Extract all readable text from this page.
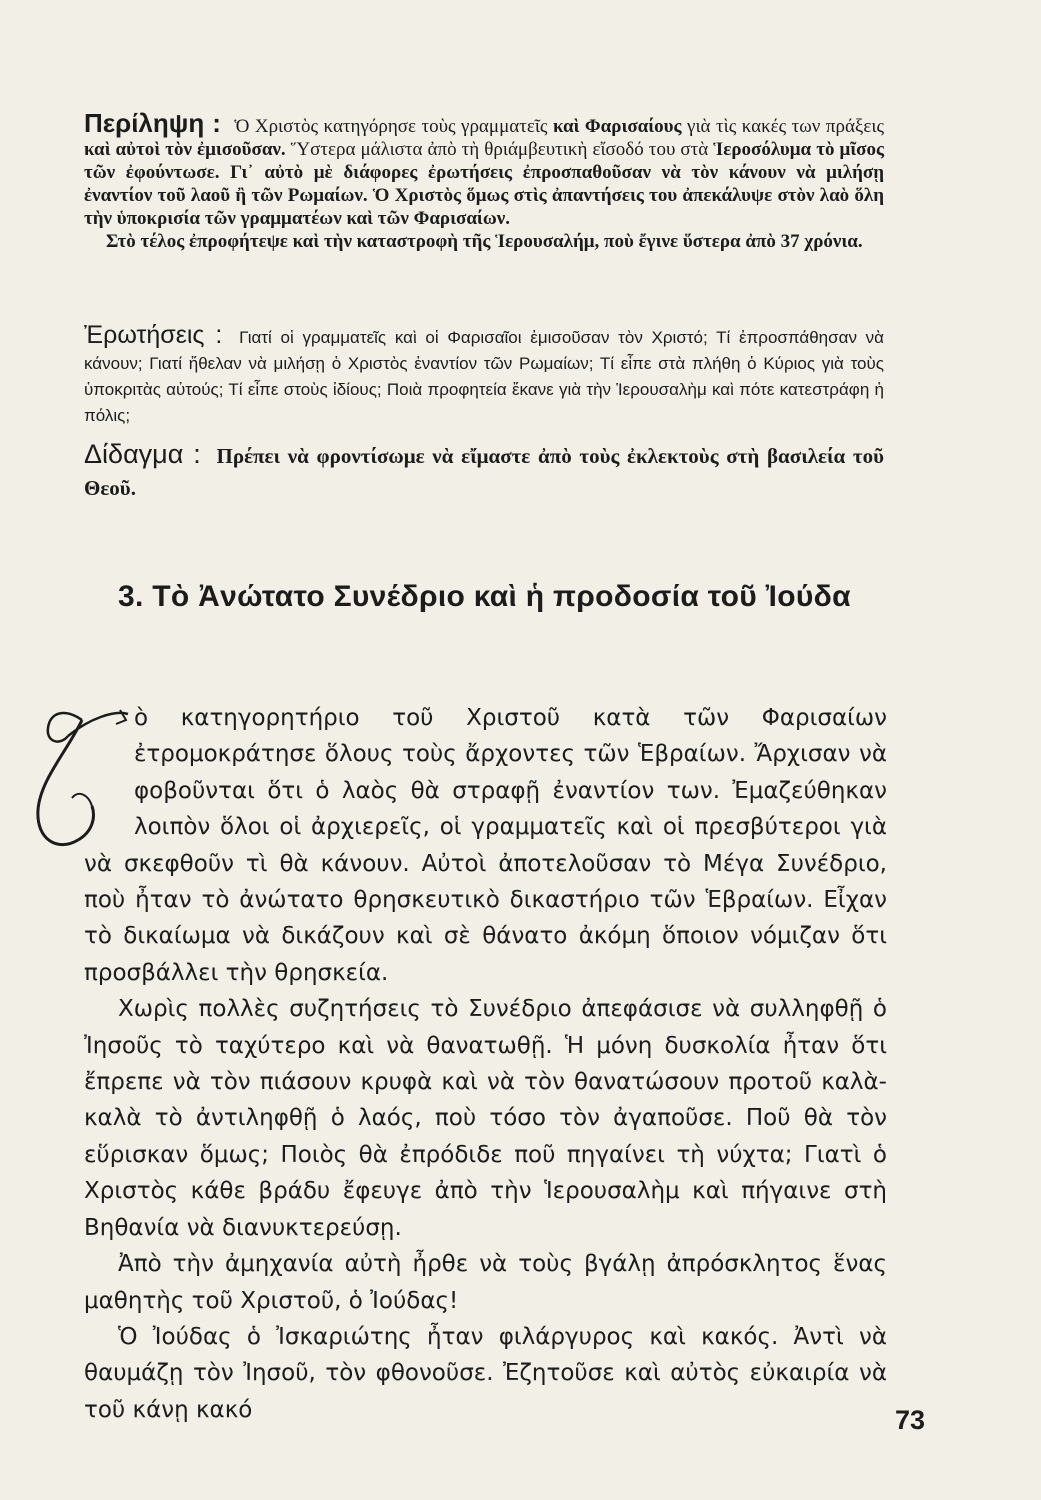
Περίληψη : Ὁ Χριστὸς κατηγόρησε τοὺς γραμματεῖς καὶ Φαρισαίους γιὰ τὶς κακές των πράξεις καὶ αὐτοὶ τὸν ἐμισοῦσαν. Ὕστερα μάλιστα ἀπὸ τὴ θριάμβευτικὴ εἴσοδό του στὰ Ἱεροσόλυμα τὸ μῖσος τῶν ἐφούντωσε. Γι᾽ αὐτὸ μὲ διάφορες ἐρωτήσεις ἐπροσπαθοῦσαν νὰ τὸν κάνουν νὰ μιλήσῃ ἐναντίον τοῦ λαοῦ ἢ τῶν Ρωμαίων. Ὁ Χριστὸς ὅμως στὶς ἀπαντήσεις του ἀπεκάλυψε στὸν λαὸ ὅλη τὴν ὑποκρισία τῶν γραμματέων καὶ τῶν Φαρισαίων.

Στὸ τέλος ἐπροφήτεψε καὶ τὴν καταστροφὴ τῆς Ἱερουσαλήμ, ποὺ ἔγινε ὕστερα ἀπὸ 37 χρόνια.

Ἐρωτήσεις : Γιατί οἱ γραμματεῖς καὶ οἱ Φαρισαῖοι ἐμισοῦσαν τὸν Χριστό; Τί ἐπροσπάθησαν νὰ κάνουν; Γιατί ἤθελαν νὰ μιλήσῃ ὁ Χριστὸς ἐναντίον τῶν Ρωμαίων; Τί εἶπε στὰ πλήθη ὁ Κύριος γιὰ τοὺς ὑποκριτὰς αὐτούς; Τί εἶπε στοὺς ἰδίους; Ποιὰ προφητεία ἔκανε γιὰ τὴν Ἱερουσαλὴμ καὶ πότε κατεστράφη ἡ πόλις;
Δίδαγμα : Πρέπει νὰ φροντίσωμε νὰ εἴμαστε ἀπὸ τοὺς ἐκλεκτοὺς στὴ βασιλεία τοῦ Θεοῦ.
3. Τὸ Ἀνώτατο Συνέδριο καὶ ἡ προδοσία τοῦ Ἰούδα

ὸ κατηγορητήριο τοῦ Χριστοῦ κατὰ τῶν Φαρισαίων ἐτρομοκράτησε ὅλους τοὺς ἄρχοντες τῶν Ἑβραίων. Ἄρχισαν νὰ φοβοῦνται ὅτι ὁ λαὸς θὰ στραφῇ ἐναντίον των. Ἐμαζεύθηκαν λοιπὸν ὅλοι οἱ ἀρχιερεῖς, οἱ γραμματεῖς καὶ οἱ πρεσβύτεροι γιὰ νὰ σκεφθοῦν τὶ θὰ κάνουν. Αὐτοὶ ἀποτελοῦσαν τὸ Μέγα Συνέδριο, ποὺ ἦταν τὸ ἀνώτατο θρησκευτικὸ δικαστήριο τῶν Ἑβραίων. Εἶχαν τὸ δικαίωμα νὰ δικάζουν καὶ σὲ θάνατο ἀκόμη ὅποιον νόμιζαν ὅτι προσβάλλει τὴν θρησκεία.

Χωρὶς πολλὲς συζητήσεις τὸ Συνέδριο ἀπεφάσισε νὰ συλληφθῇ ὁ Ἰησοῦς τὸ ταχύτερο καὶ νὰ θανατωθῇ. Ἡ μόνη δυσκολία ἦταν ὅτι ἔπρεπε νὰ τὸν πιάσουν κρυφὰ καὶ νὰ τὸν θανατώσουν προτοῦ καλὰ-καλὰ τὸ ἀντιληφθῇ ὁ λαός, ποὺ τόσο τὸν ἀγαποῦσε. Ποῦ θὰ τὸν εὕρισκαν ὅμως; Ποιὸς θὰ ἐπρόδιδε ποῦ πηγαίνει τὴ νύχτα; Γιατὶ ὁ Χριστὸς κάθε βράδυ ἔφευγε ἀπὸ τὴν Ἱερουσαλὴμ καὶ πήγαινε στὴ Βηθανία νὰ διανυκτερεύσῃ.

Ἀπὸ τὴν ἀμηχανία αὐτὴ ἦρθε νὰ τοὺς βγάλῃ ἀπρόσκλητος ἕνας μαθητὴς τοῦ Χριστοῦ, ὁ Ἰούδας!

Ὁ Ἰούδας ὁ Ἰσκαριώτης ἦταν φιλάργυρος καὶ κακός. Ἀντὶ νὰ θαυμάζῃ τὸν Ἰησοῦ, τὸν φθονοῦσε. Ἐζητοῦσε καὶ αὐτὸς εὐκαιρία νὰ τοῦ κάνῃ κακό	73
